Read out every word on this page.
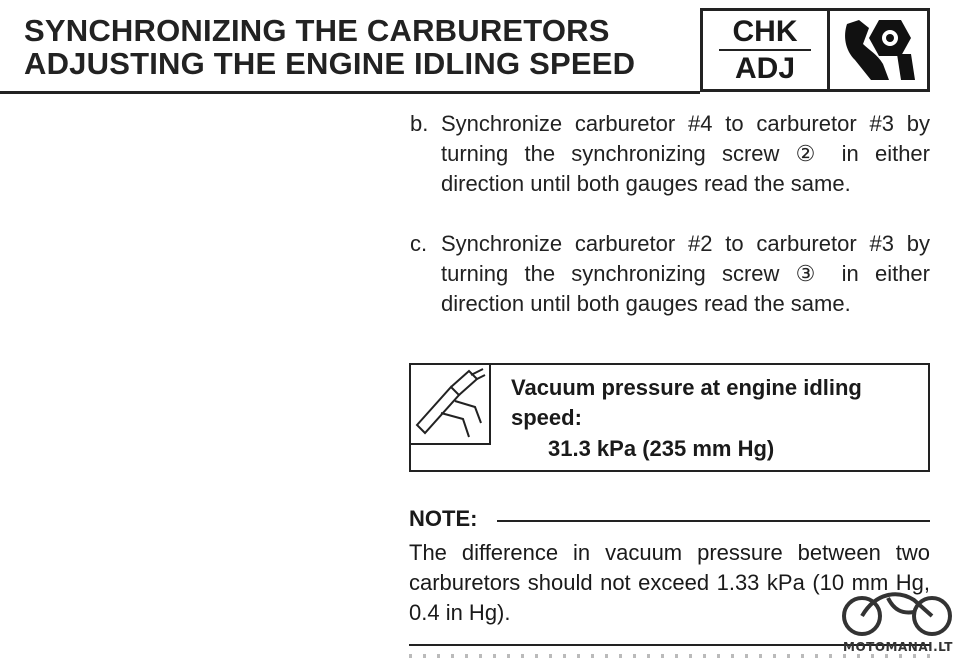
SYNCHRONIZING THE CARBURETORS
ADJUSTING THE ENGINE IDLING SPEED
CHK
ADJ
b. Synchronize carburetor #4 to carburetor #3 by turning the synchronizing screw ② in either direction until both gauges read the same.
c. Synchronize carburetor #2 to carburetor #3 by turning the synchronizing screw ③ in either direction until both gauges read the same.
Vacuum pressure at engine idling
speed:
31.3 kPa (235 mm Hg)
NOTE:
The difference in vacuum pressure between two carburetors should not exceed 1.33 kPa (10 mm Hg, 0.4 in Hg).
MOTOMANAI.LT
